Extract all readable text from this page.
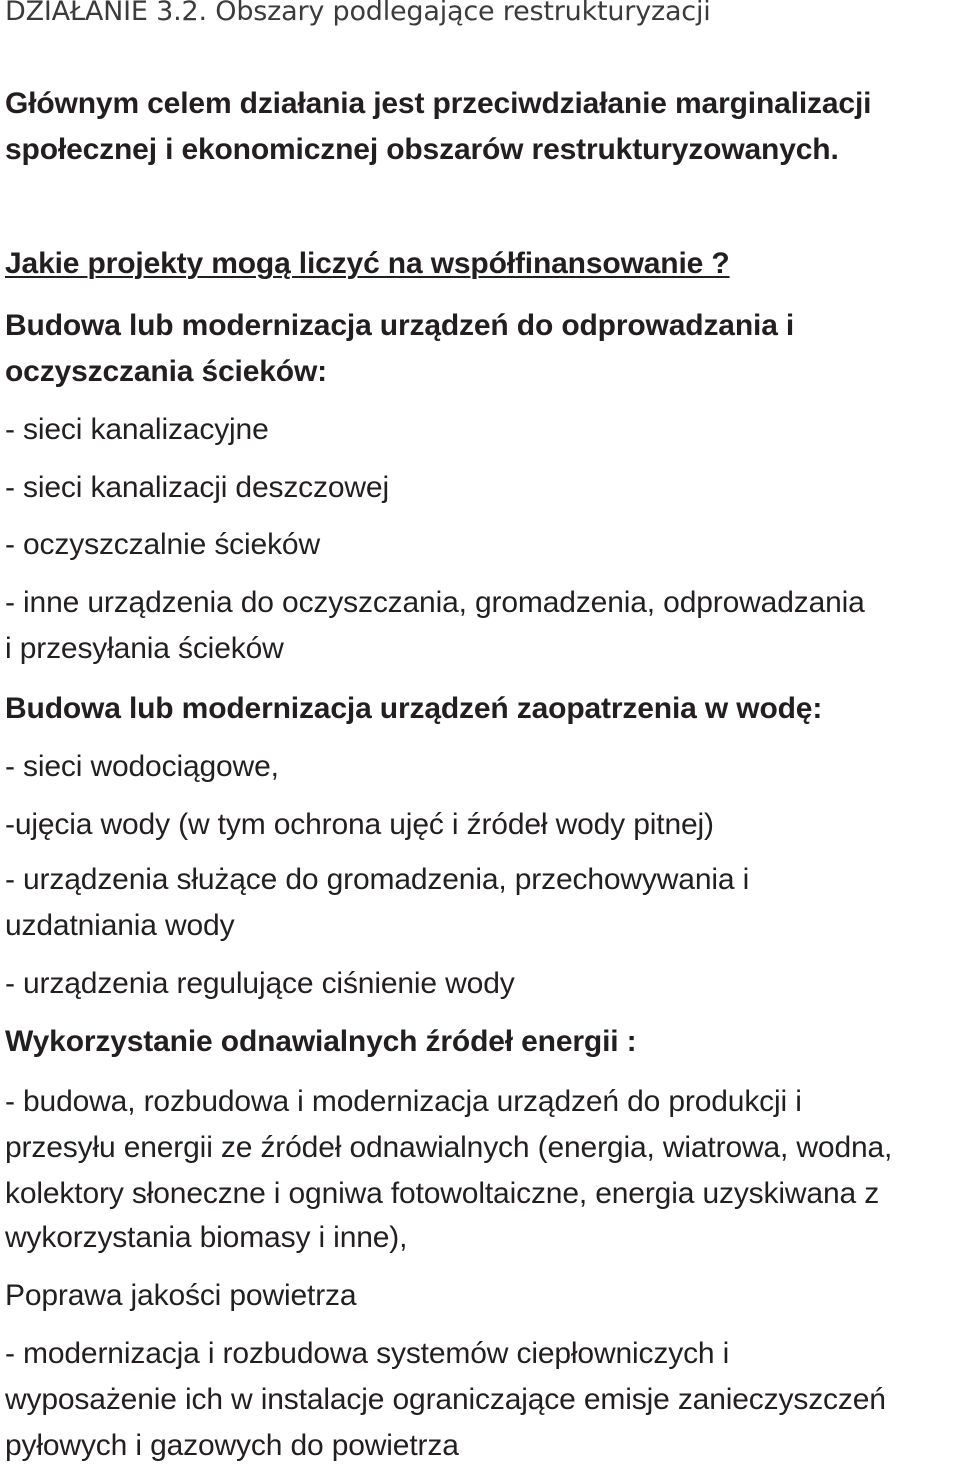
DZIAŁANIE 3.2. Obszary podlegające restrukturyzacji
Głównym celem działania jest przeciwdziałanie marginalizacji
społecznej i ekonomicznej obszarów restrukturyzowanych.
Jakie projekty mogą liczyć na współfinansowanie ?
Budowa lub modernizacja urządzeń do odprowadzania i
oczyszczania ścieków:
- sieci kanalizacyjne
- sieci kanalizacji deszczowej
- oczyszczalnie ścieków
- inne urządzenia do oczyszczania, gromadzenia, odprowadzania
i przesyłania ścieków
Budowa lub modernizacja urządzeń zaopatrzenia w wodę:
- sieci wodociągowe,
-ujęcia wody (w tym ochrona ujęć i źródeł wody pitnej)
- urządzenia służące do gromadzenia, przechowywania i
uzdatniania wody
- urządzenia regulujące ciśnienie wody
Wykorzystanie odnawialnych źródeł energii :
- budowa, rozbudowa i modernizacja urządzeń do produkcji i
przesyłu energii ze źródeł odnawialnych (energia, wiatrowa, wodna,
kolektory słoneczne i ogniwa fotowoltaiczne, energia uzyskiwana z
wykorzystania biomasy i inne),
Poprawa jakości powietrza
- modernizacja i rozbudowa systemów ciepłowniczych i
wyposażenie ich w instalacje ograniczające emisje zanieczyszczeń
pyłowych i gazowych do powietrza
